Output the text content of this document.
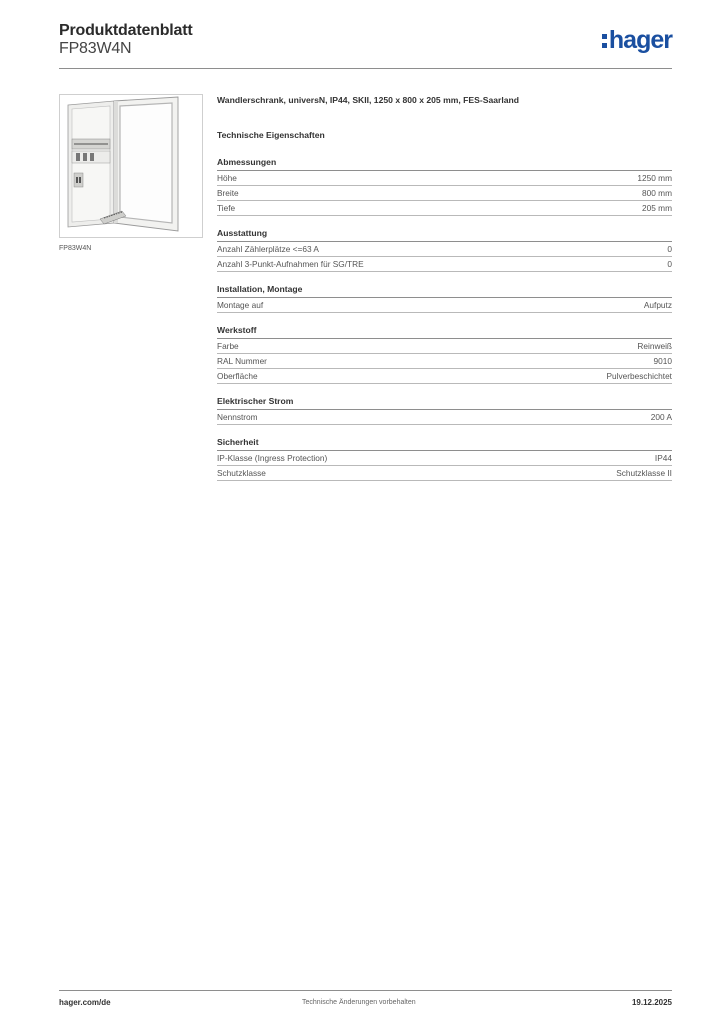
Produktdatenblatt
FP83W4N	hager
FP83W4N

Wandlerschrank, universN, IP44, SKII, 1250 x 800 x 205 mm, FES-Saarland

Technische Eigenschaften
Abmessungen
Höhe	1250 mm
Breite	800 mm
Tiefe	205 mm
Ausstattung
Anzahl Zählerplätze <=63 A	0
Anzahl 3-Punkt-Aufnahmen für SG/TRE	0
Installation, Montage
Montage auf	Aufputz
Werkstoff
Farbe	Reinweiß
RAL Nummer	9010
Oberfläche	Pulverbeschichtet
Elektrischer Strom
Nennstrom	200 A
Sicherheit
IP-Klasse (Ingress Protection)	IP44
Schutzklasse	Schutzklasse II
hager.com/de	Technische Änderungen vorbehalten	19.12.2025
